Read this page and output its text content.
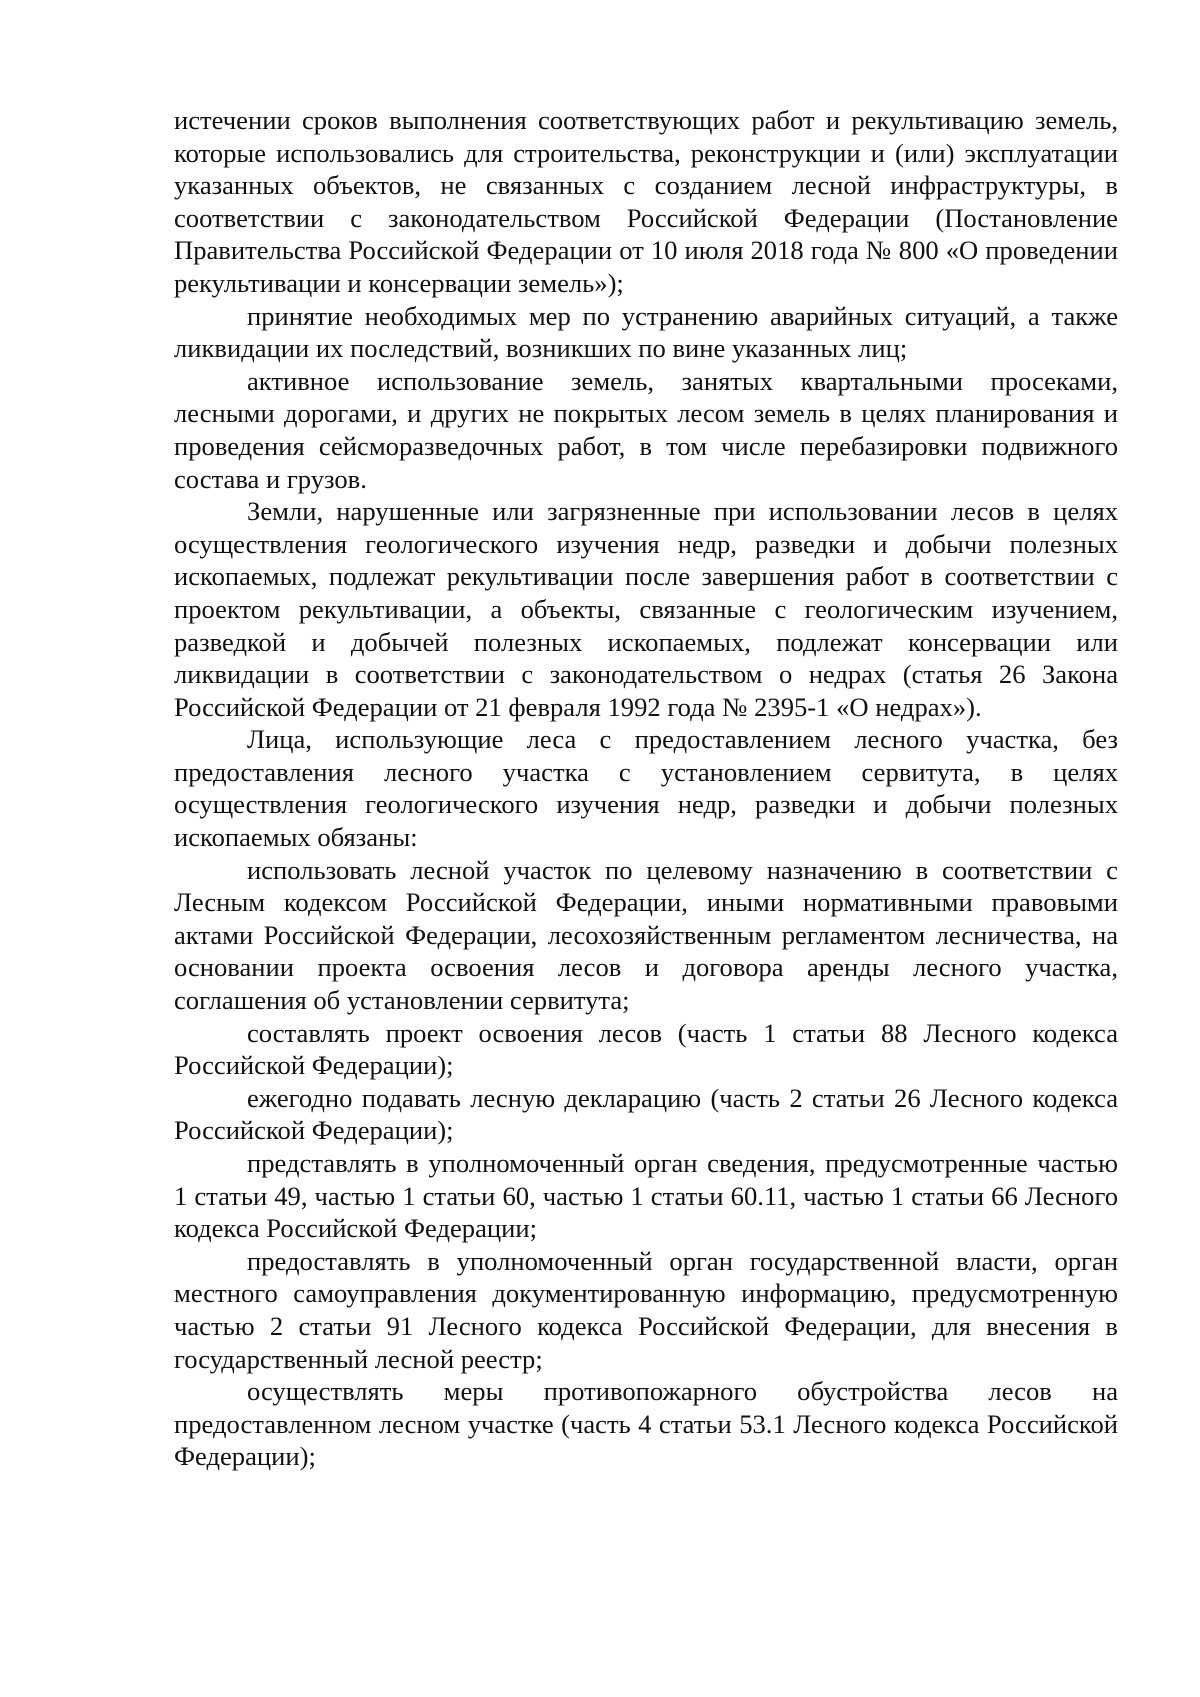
истечении сроков выполнения соответствующих работ и рекультивацию земель, которые использовались для строительства, реконструкции и (или) эксплуатации указанных объектов, не связанных с созданием лесной инфраструктуры, в соответствии с законодательством Российской Федерации (Постановление Правительства Российской Федерации от 10 июля 2018 года № 800 «О проведении рекультивации и консервации земель»);

принятие необходимых мер по устранению аварийных ситуаций, а также ликвидации их последствий, возникших по вине указанных лиц;

активное использование земель, занятых квартальными просеками, лесными дорогами, и других не покрытых лесом земель в целях планирования и проведения сейсморазведочных работ, в том числе перебазировки подвижного состава и грузов.

Земли, нарушенные или загрязненные при использовании лесов в целях осуществления геологического изучения недр, разведки и добычи полезных ископаемых, подлежат рекультивации после завершения работ в соответствии с проектом рекультивации, а объекты, связанные с геологическим изучением, разведкой и добычей полезных ископаемых, подлежат консервации или ликвидации в соответствии с законодательством о недрах (статья 26 Закона Российской Федерации от 21 февраля 1992 года № 2395-1 «О недрах»).

Лица, использующие леса с предоставлением лесного участка, без предоставления лесного участка с установлением сервитута, в целях осуществления геологического изучения недр, разведки и добычи полезных ископаемых обязаны:

использовать лесной участок по целевому назначению в соответствии с Лесным кодексом Российской Федерации, иными нормативными правовыми актами Российской Федерации, лесохозяйственным регламентом лесничества, на основании проекта освоения лесов и договора аренды лесного участка, соглашения об установлении сервитута;

составлять проект освоения лесов (часть 1 статьи 88 Лесного кодекса Российской Федерации);

ежегодно подавать лесную декларацию (часть 2 статьи 26 Лесного кодекса Российской Федерации);

представлять в уполномоченный орган сведения, предусмотренные частью 1 статьи 49, частью 1 статьи 60, частью 1 статьи 60.11, частью 1 статьи 66 Лесного кодекса Российской Федерации;

предоставлять в уполномоченный орган государственной власти, орган местного самоуправления документированную информацию, предусмотренную частью 2 статьи 91 Лесного кодекса Российской Федерации, для внесения в государственный лесной реестр;

осуществлять меры противопожарного обустройства лесов на предоставленном лесном участке (часть 4 статьи 53.1 Лесного кодекса Российской Федерации);
